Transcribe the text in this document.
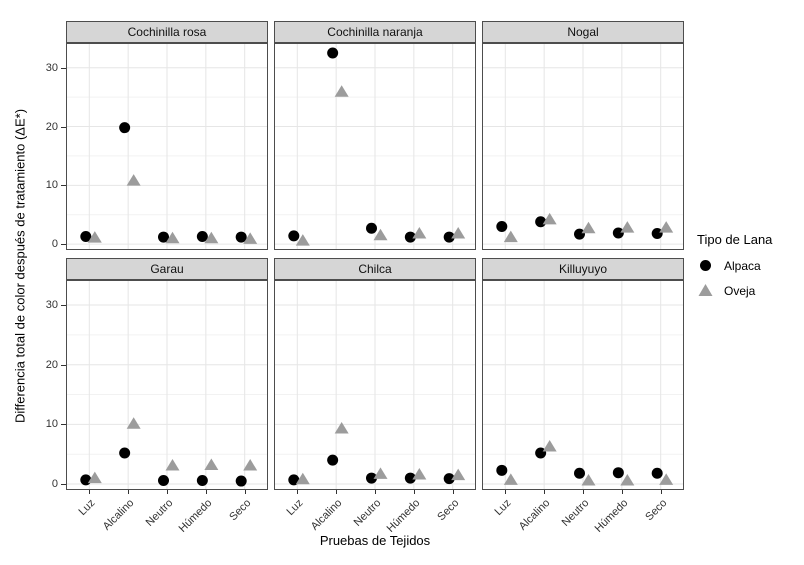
Differencia total de color después de tratamiento (ΔE*)
Cochinilla rosa	Cochinilla naranja	Nogal
0
10
20
30
Garau
Luz Alcalino Neutro Húmedo	Seco
Chilca
Luz Alcalino Neutro Húmedo	Seco
Killuyuyo
Luz Alcalino Neutro Húmedo	Seco
0
10
20
30
Pruebas de Tejidos
Tipo de Lana
Alpaca
Oveja
